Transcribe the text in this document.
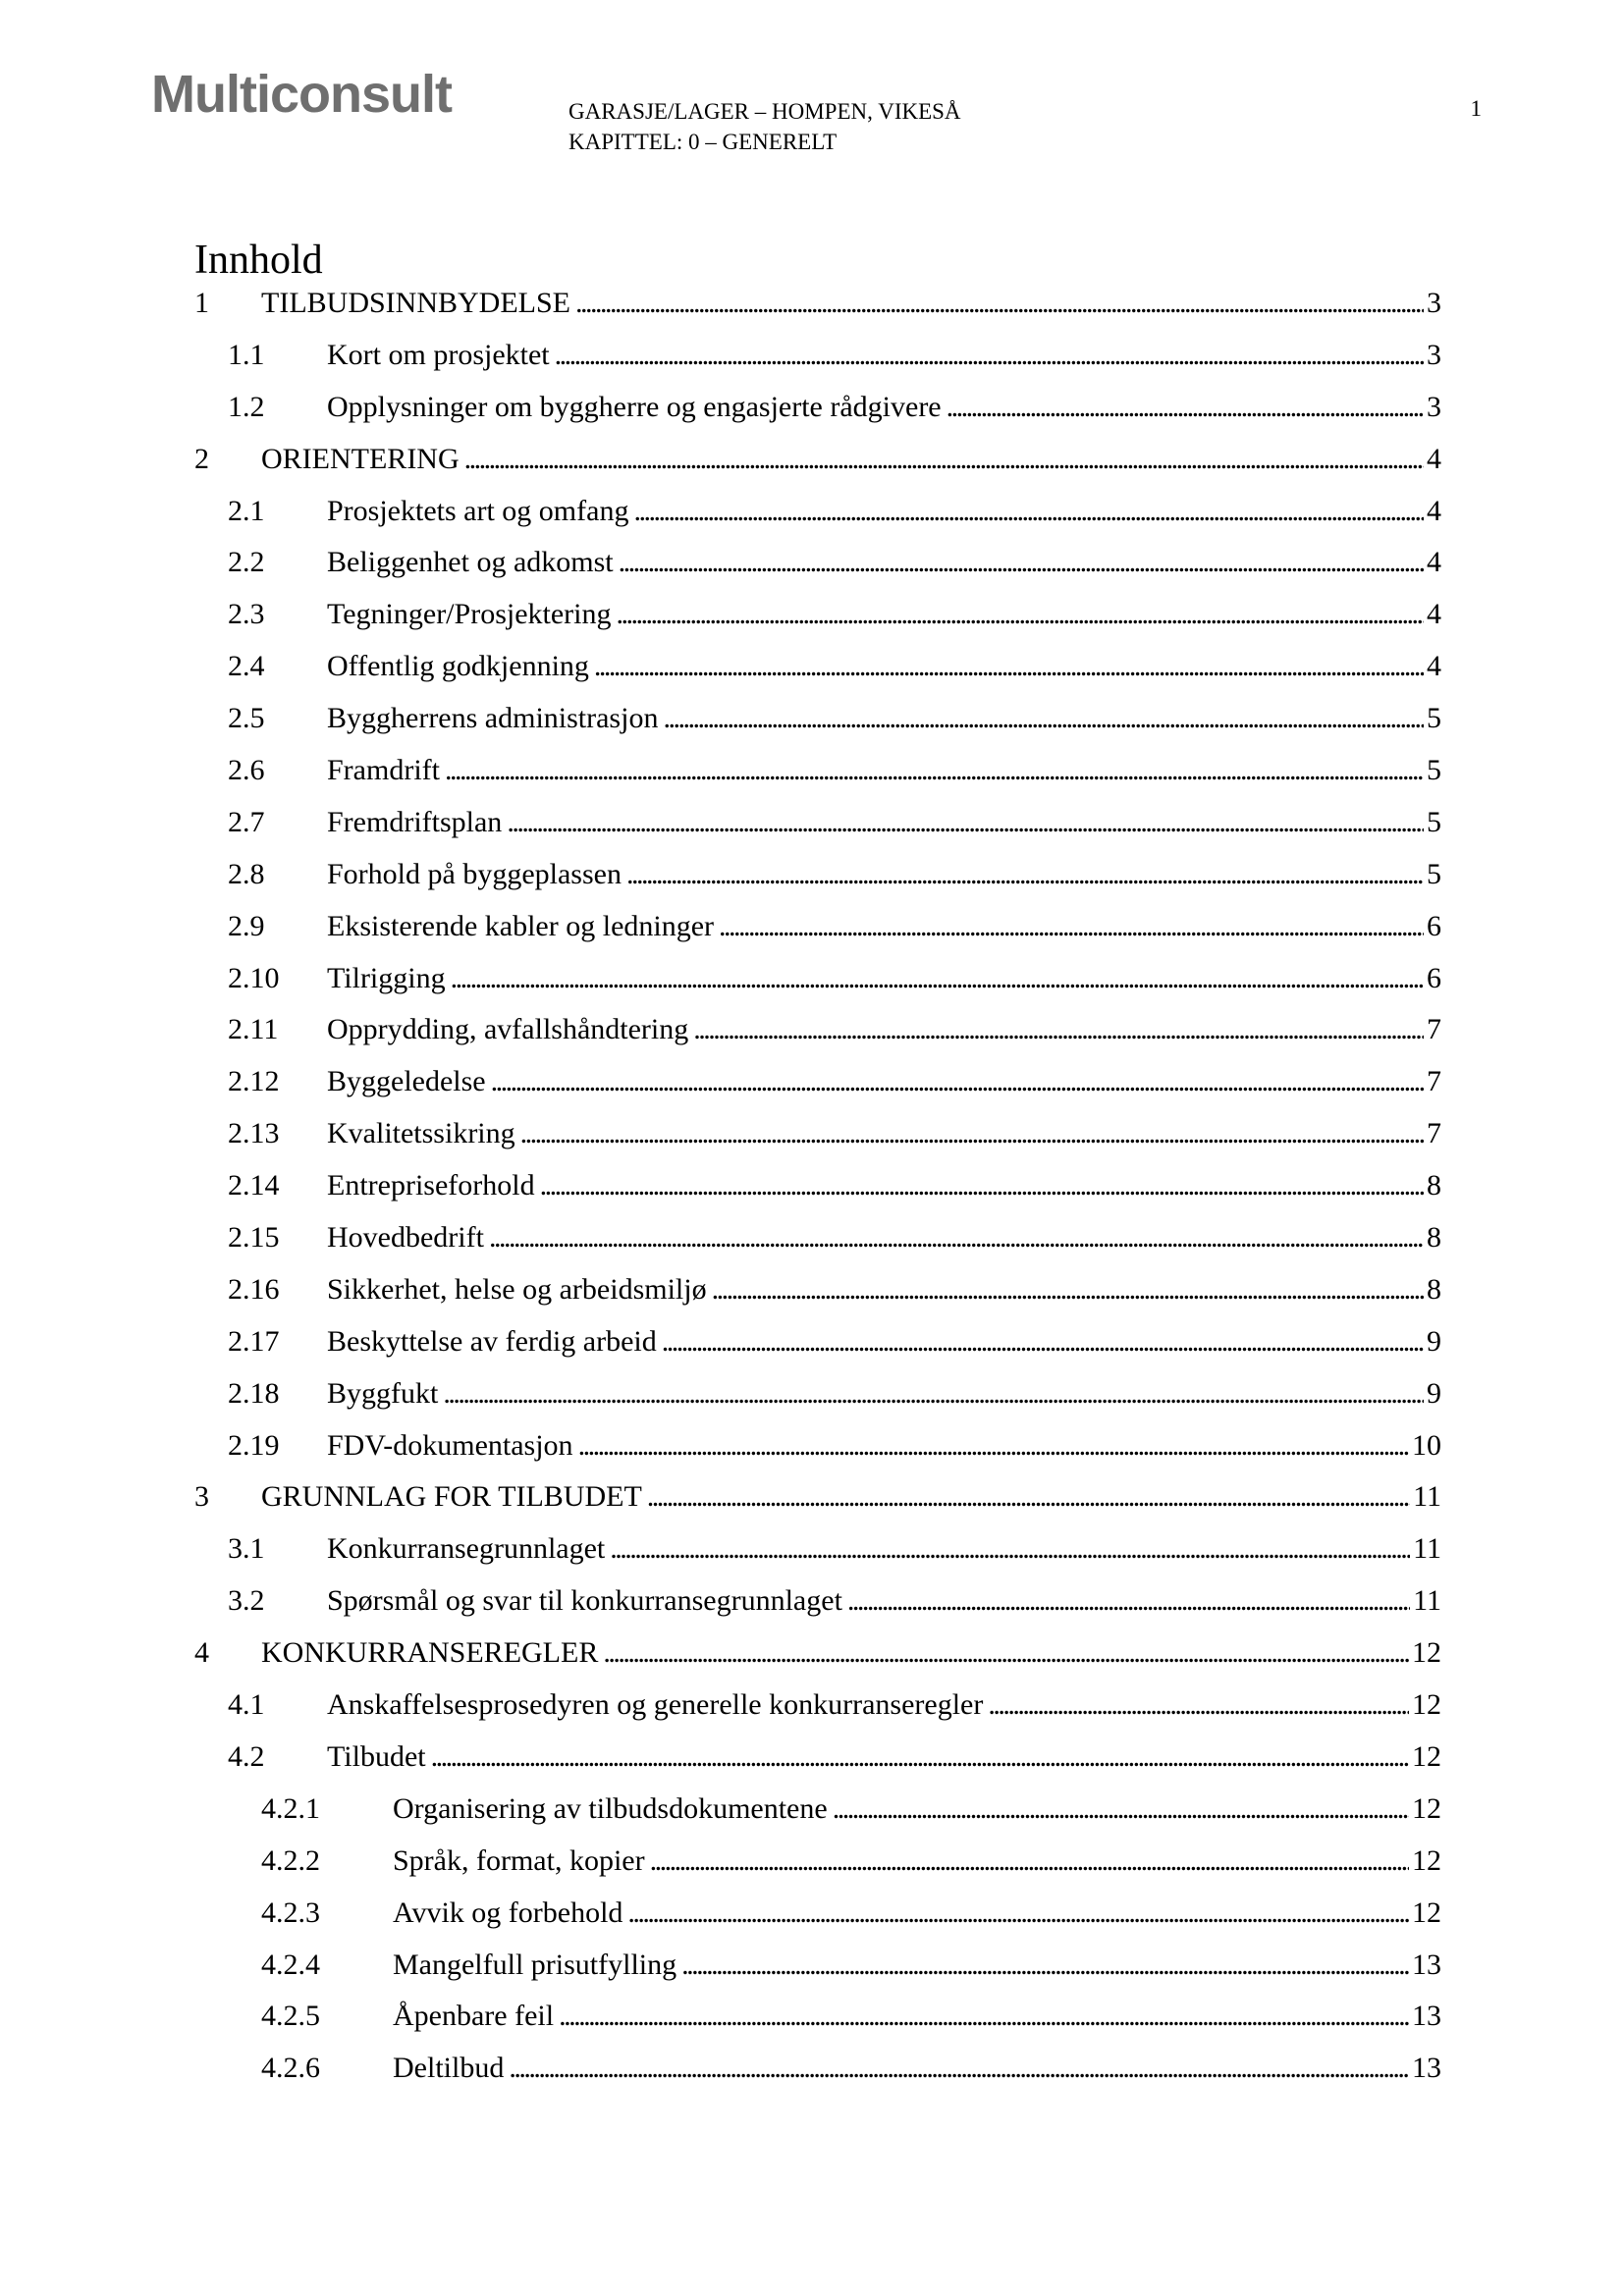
Multiconsult	GARASJE/LAGER – HOMPEN, VIKESÅ
KAPITTEL: 0 – GENERELT
1
Innhold
1	TILBUDSINNBYDELSE . . .	3
1.1	Kort om prosjektet . . .	3
1.2	Opplysninger om byggherre og engasjerte rådgivere . . .	3
2	ORIENTERING . . .	4
2.1	Prosjektets art og omfang . . .	4
2.2	Beliggenhet og adkomst . . .	4
2.3	Tegninger/Prosjektering . . .	4
2.4	Offentlig godkjenning . . .	4
2.5	Byggherrens administrasjon . . .	5
2.6	Framdrift . . .	5
2.7	Fremdriftsplan . . .	5
2.8	Forhold på byggeplassen . . .	5
2.9	Eksisterende kabler og ledninger . . .	6
2.10	Tilrigging . . .	6
2.11	Opprydding, avfallshåndtering . . .	7
2.12	Byggeledelse . . .	7
2.13	Kvalitetssikring . . .	7
2.14	Entrepriseforhold . . .	8
2.15	Hovedbedrift . . .	8
2.16	Sikkerhet, helse og arbeidsmiljø . . .	8
2.17	Beskyttelse av ferdig arbeid . . .	9
2.18	Byggfukt . . .	9
2.19	FDV-dokumentasjon . . .	10
3	GRUNNLAG FOR TILBUDET . . .	11
3.1	Konkurransegrunnlaget . . .	11
3.2	Spørsmål og svar til konkurransegrunnlaget . . .	11
4	KONKURRANSEREGLER . . .	12
4.1	Anskaffelsesprosedyren og generelle konkurranseregler . . .	12
4.2	Tilbudet . . .	12
4.2.1	Organisering av tilbudsdokumentene . . .	12
4.2.2	Språk, format, kopier . . .	12
4.2.3	Avvik og forbehold . . .	12
4.2.4	Mangelfull prisutfylling . . .	13
4.2.5	Åpenbare feil . . .	13
4.2.6	Deltilbud . . .	13
